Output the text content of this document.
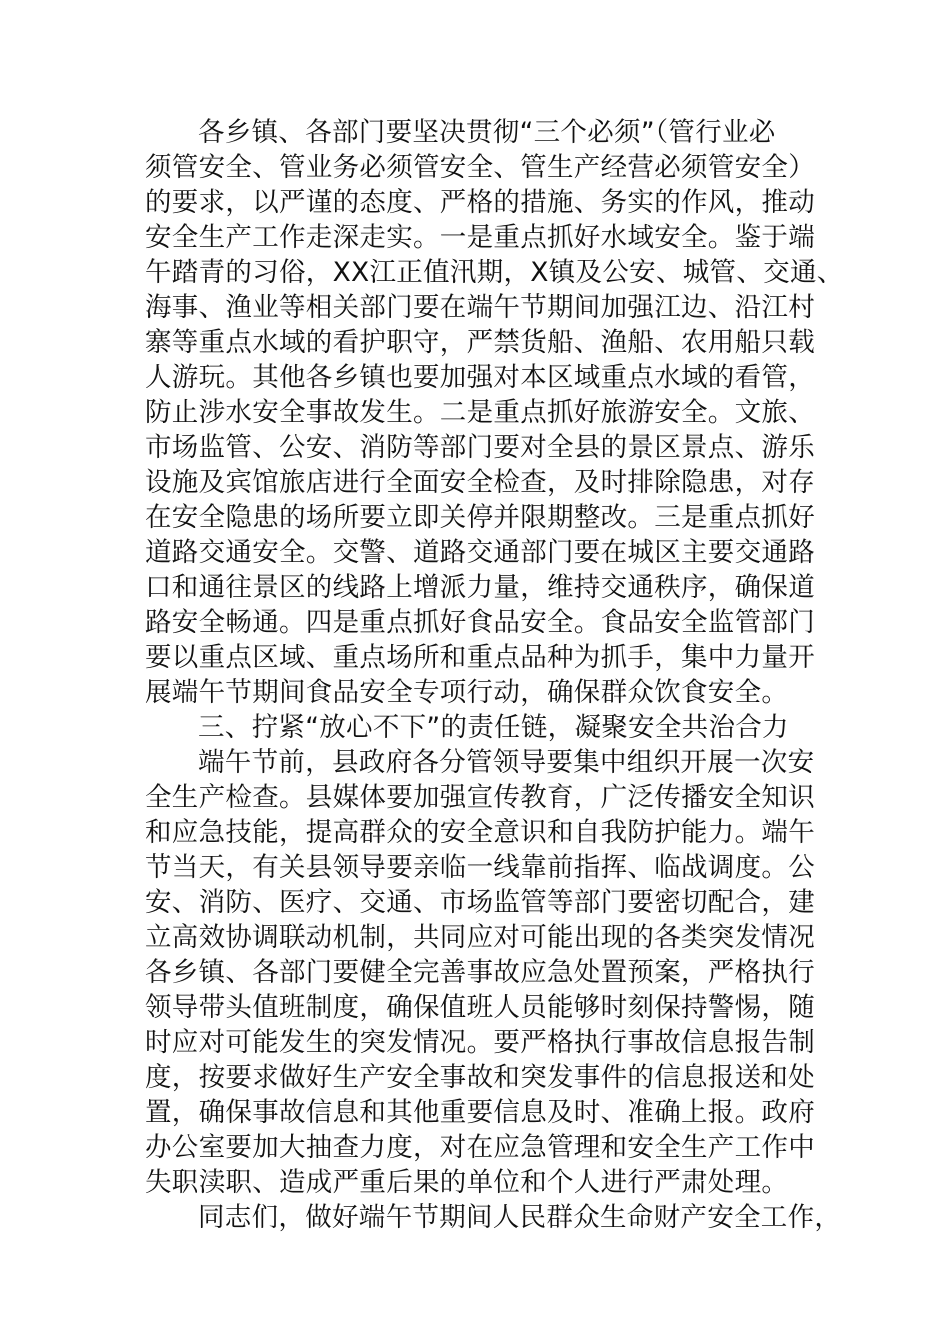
各乡镇、各部门要坚决贯彻“三个必须”（管行业必
须管安全、管业务必须管安全、管生产经营必须管安全）
的要求，以严谨的态度、严格的措施、务实的作风，推动
安全生产工作走深走实。一是重点抓好水域安全。鉴于端
午踏青的习俗，XX江正值汛期，X镇及公安、城管、交通、
海事、渔业等相关部门要在端午节期间加强江边、沿江村
寨等重点水域的看护职守，严禁货船、渔船、农用船只载
人游玩。其他各乡镇也要加强对本区域重点水域的看管，
防止涉水安全事故发生。二是重点抓好旅游安全。文旅、
市场监管、公安、消防等部门要对全县的景区景点、游乐
设施及宾馆旅店进行全面安全检查，及时排除隐患，对存
在安全隐患的场所要立即关停并限期整改。三是重点抓好
道路交通安全。交警、道路交通部门要在城区主要交通路
口和通往景区的线路上增派力量，维持交通秩序，确保道
路安全畅通。四是重点抓好食品安全。食品安全监管部门
要以重点区域、重点场所和重点品种为抓手，集中力量开
展端午节期间食品安全专项行动，确保群众饮食安全。
三、拧紧“放心不下”的责任链，凝聚安全共治合力
端午节前，县政府各分管领导要集中组织开展一次安
全生产检查。县媒体要加强宣传教育，广泛传播安全知识
和应急技能，提高群众的安全意识和自我防护能力。端午
节当天，有关县领导要亲临一线靠前指挥、临战调度。公
安、消防、医疗、交通、市场监管等部门要密切配合，建
立高效协调联动机制，共同应对可能出现的各类突发情况
各乡镇、各部门要健全完善事故应急处置预案，严格执行
领导带头值班制度，确保值班人员能够时刻保持警惕，随
时应对可能发生的突发情况。要严格执行事故信息报告制
度，按要求做好生产安全事故和突发事件的信息报送和处
置，确保事故信息和其他重要信息及时、准确上报。政府
办公室要加大抽查力度，对在应急管理和安全生产工作中
失职渎职、造成严重后果的单位和个人进行严肃处理。
同志们，做好端午节期间人民群众生命财产安全工作，
